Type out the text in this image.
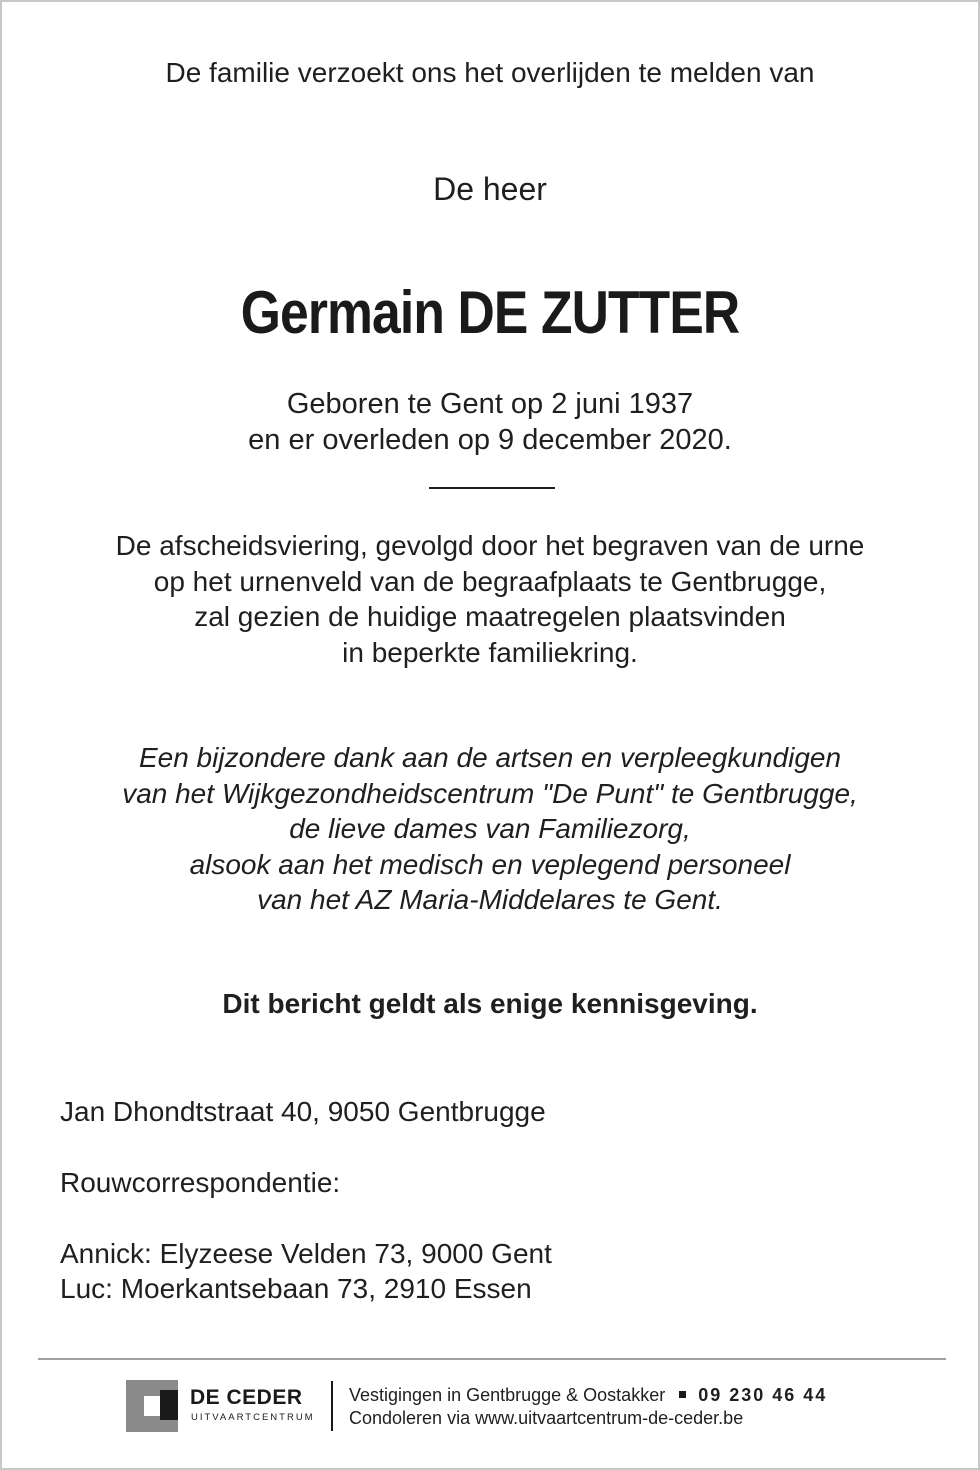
De familie verzoekt ons het overlijden te melden van
De heer
Germain DE ZUTTER
Geboren te Gent op 2 juni 1937
en er overleden op 9 december 2020.
De afscheidsviering, gevolgd door het begraven van de urne
op het urnenveld van de begraafplaats te Gentbrugge,
zal gezien de huidige maatregelen plaatsvinden
in beperkte familiekring.
Een bijzondere dank aan de artsen en verpleegkundigen
van het Wijkgezondheidscentrum "De Punt" te Gentbrugge,
de lieve dames van Familiezorg,
alsook aan het medisch en veplegend personeel
van het AZ Maria-Middelares te Gent.
Dit bericht geldt als enige kennisgeving.
Jan Dhondtstraat 40, 9050 Gentbrugge
Rouwcorrespondentie:
Annick: Elyzeese Velden 73, 9000 Gent
Luc: Moerkantsebaan 73, 2910 Essen
DE CEDER
UITVAARTCENTRUM
Vestigingen in Gentbrugge & Oostakker 09 230 46 44
Condoleren via www.uitvaartcentrum-de-ceder.be
